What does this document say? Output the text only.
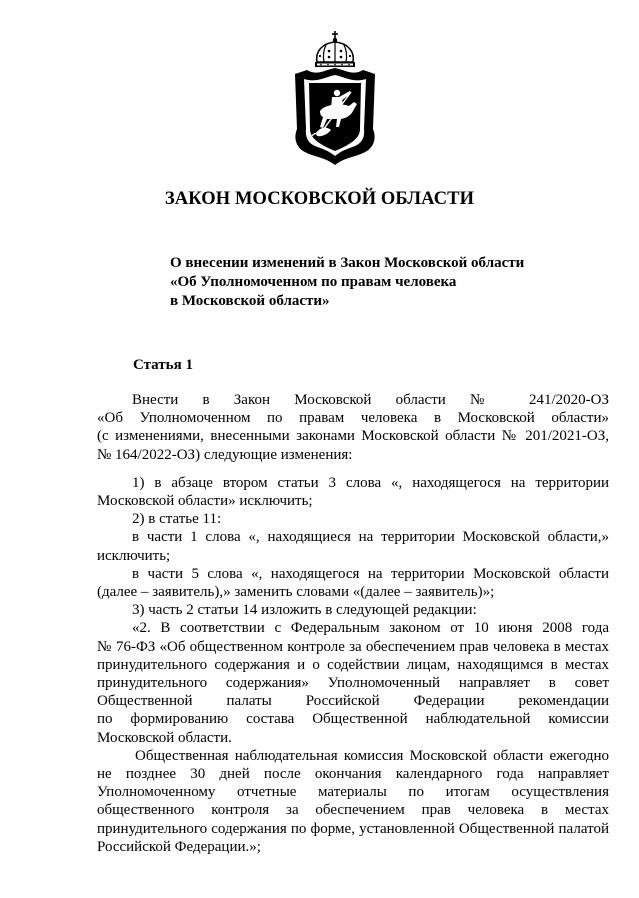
ЗАКОН МОСКОВСКОЙ ОБЛАСТИ
О внесении изменений в Закон Московской области
«Об Уполномоченном по правам человека
в Московской области»
Статья 1

Внести в Закон Московской области № 241/2020-ОЗ

«Об Уполномоченном по правам человека в Московской области»

(с изменениями, внесенными законами Московской области № 201/2021-ОЗ,

№ 164/2022-ОЗ) следующие изменения:

1) в абзаце втором статьи 3 слова «, находящегося на территории

Московской области» исключить;

2) в статье 11:

в части 1 слова «, находящиеся на территории Московской области,»

исключить;

в части 5 слова «, находящегося на территории Московской области

(далее – заявитель),» заменить словами «(далее – заявитель)»;

3) часть 2 статьи 14 изложить в следующей редакции:

«2. В соответствии с Федеральным законом от 10 июня 2008 года

№ 76-ФЗ «Об общественном контроле за обеспечением прав человека в местах

принудительного содержания и о содействии лицам, находящимся в местах

принудительного содержания» Уполномоченный направляет в совет

Общественной палаты Российской Федерации рекомендации

по формированию состава Общественной наблюдательной комиссии

Московской области.

Общественная наблюдательная комиссия Московской области ежегодно

не позднее 30 дней после окончания календарного года направляет

Уполномоченному отчетные материалы по итогам осуществления

общественного контроля за обеспечением прав человека в местах

принудительного содержания по форме, установленной Общественной палатой

Российской Федерации.»;
